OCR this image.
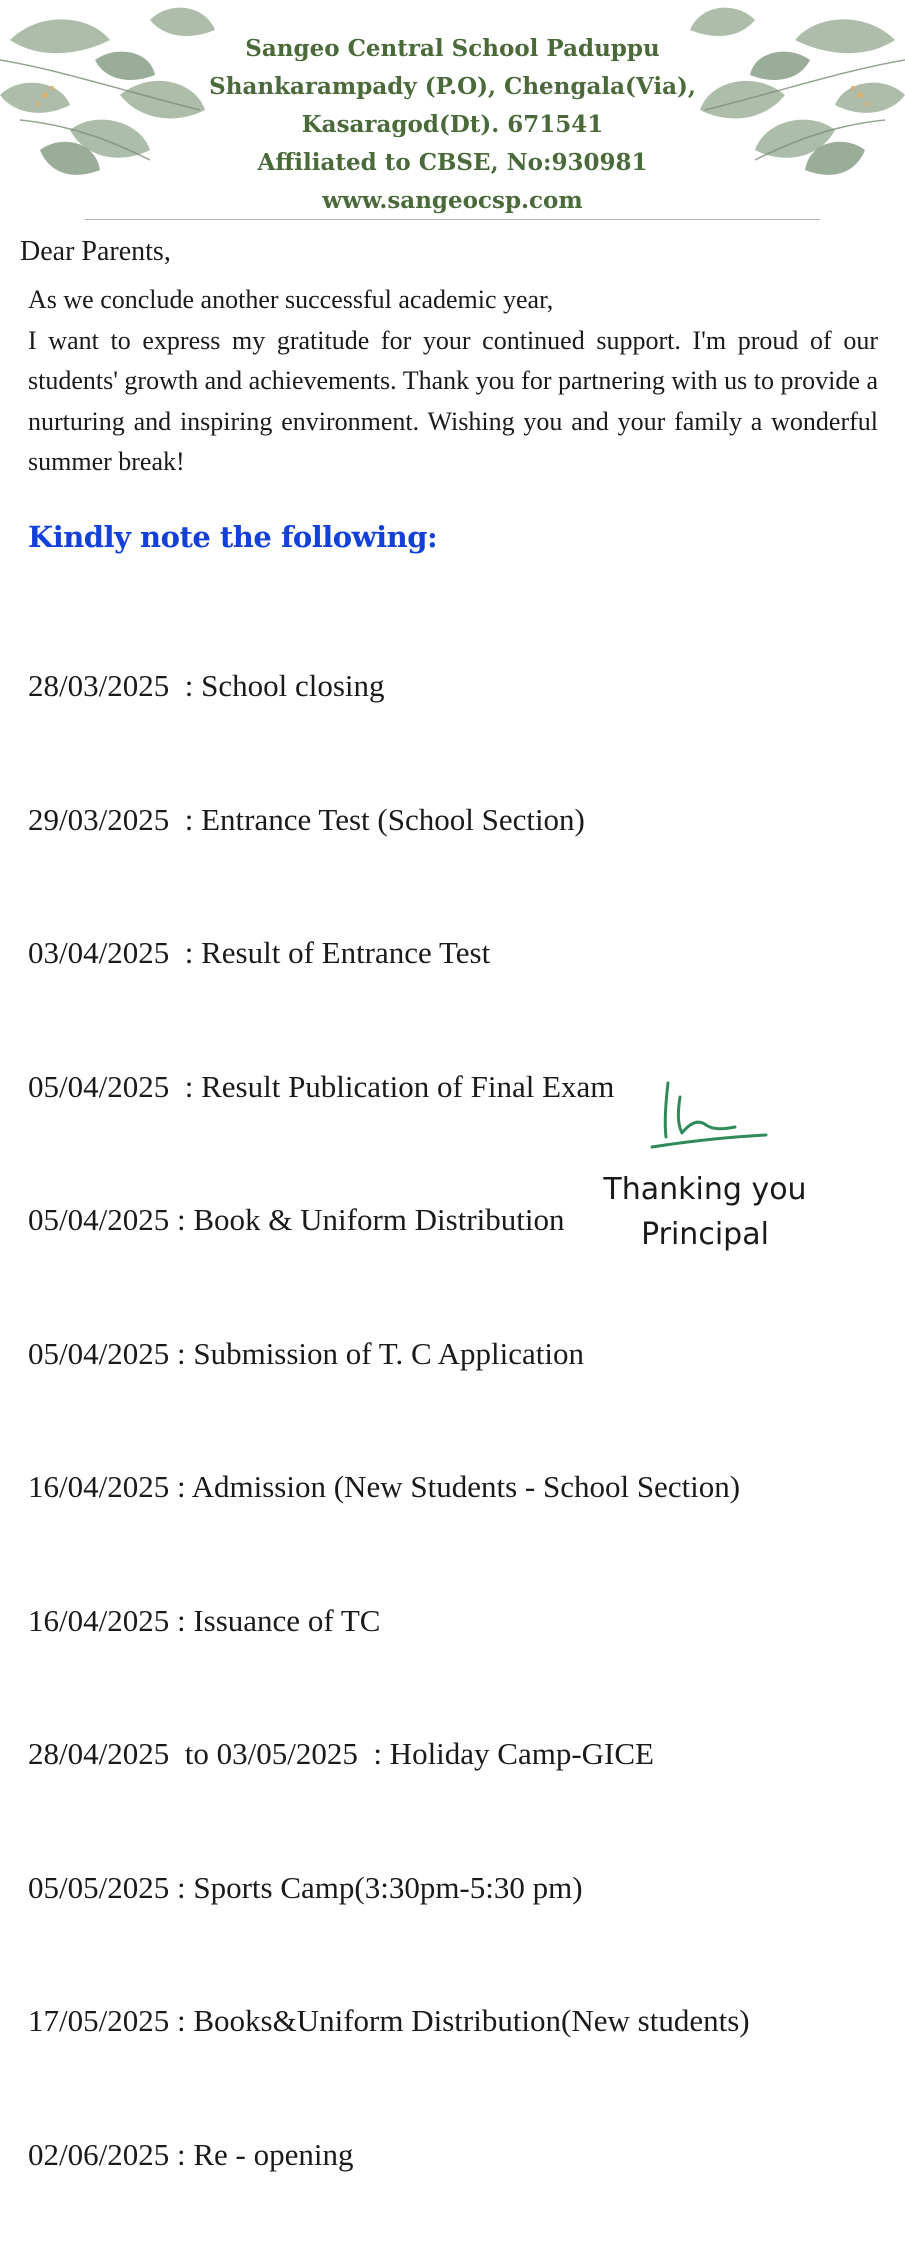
Sangeo Central School Paduppu
Shankarampady (P.O), Chengala(Via),
Kasaragod(Dt). 671541
Affiliated to CBSE, No:930981
www.sangeocsp.com
Dear Parents,
As we conclude another successful academic year,
I want to express my gratitude for your continued support. I'm proud of our students' growth and achievements. Thank you for partnering with us to provide a nurturing and inspiring environment. Wishing you and your family a wonderful summer break!
Kindly note the following:

28/03/2025  : School closing

29/03/2025  : Entrance Test (School Section)

03/04/2025  : Result of Entrance Test

05/04/2025  : Result Publication of Final Exam

05/04/2025 : Book & Uniform Distribution

05/04/2025 : Submission of T. C Application

16/04/2025 : Admission (New Students - School Section)

16/04/2025 : Issuance of TC

28/04/2025  to 03/05/2025  : Holiday Camp-GICE

05/05/2025 : Sports Camp(3:30pm-5:30 pm)

17/05/2025 : Books&Uniform Distribution(New students)

02/06/2025 : Re - opening

Thanking you
Principal
